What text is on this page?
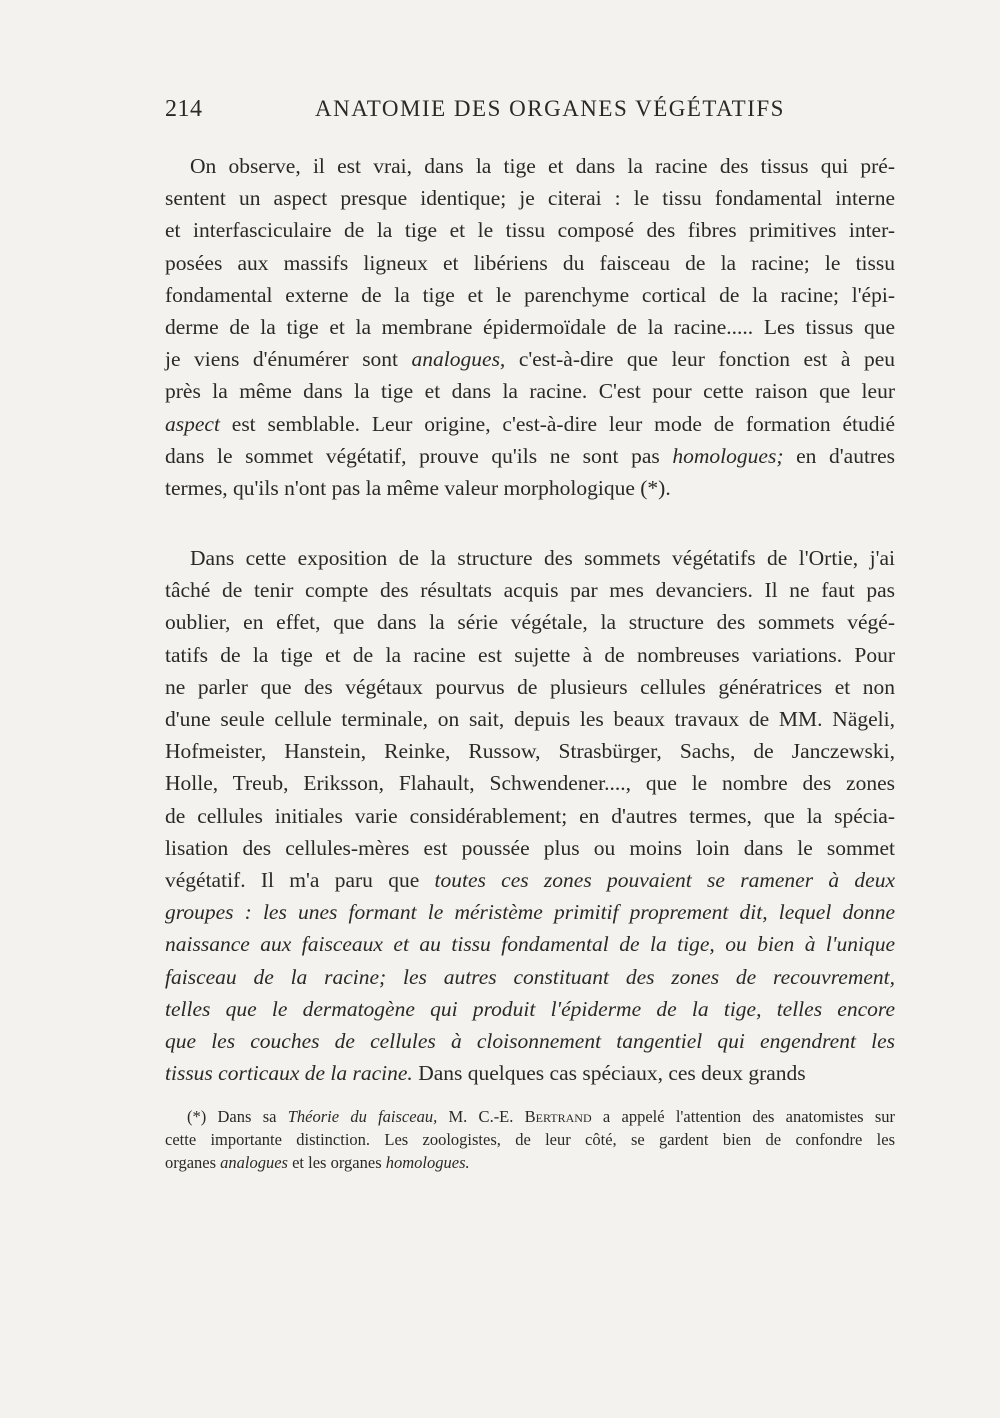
214	ANATOMIE DES ORGANES VÉGÉTATIFS
On observe, il est vrai, dans la tige et dans la racine des tissus qui pré-
sentent un aspect presque identique; je citerai : le tissu fondamental interne
et interfasciculaire de la tige et le tissu composé des fibres primitives inter-
posées aux massifs ligneux et libériens du faisceau de la racine; le tissu
fondamental externe de la tige et le parenchyme cortical de la racine; l'épi-
derme de la tige et la membrane épidermoïdale de la racine..... Les tissus que
je viens d'énumérer sont analogues, c'est-à-dire que leur fonction est à peu
près la même dans la tige et dans la racine. C'est pour cette raison que leur
aspect est semblable. Leur origine, c'est-à-dire leur mode de formation étudié
dans le sommet végétatif, prouve qu'ils ne sont pas homologues; en d'autres
termes, qu'ils n'ont pas la même valeur morphologique (*).
Dans cette exposition de la structure des sommets végétatifs de l'Ortie, j'ai
tâché de tenir compte des résultats acquis par mes devanciers. Il ne faut pas
oublier, en effet, que dans la série végétale, la structure des sommets végé-
tatifs de la tige et de la racine est sujette à de nombreuses variations. Pour
ne parler que des végétaux pourvus de plusieurs cellules génératrices et non
d'une seule cellule terminale, on sait, depuis les beaux travaux de MM. Nägeli,
Hofmeister, Hanstein, Reinke, Russow, Strasbürger, Sachs, de Janczewski,
Holle, Treub, Eriksson, Flahault, Schwendener...., que le nombre des zones
de cellules initiales varie considérablement; en d'autres termes, que la spécia-
lisation des cellules-mères est poussée plus ou moins loin dans le sommet
végétatif. Il m'a paru que toutes ces zones pouvaient se ramener à deux
groupes : les unes formant le méristème primitif proprement dit, lequel donne
naissance aux faisceaux et au tissu fondamental de la tige, ou bien à l'unique
faisceau de la racine; les autres constituant des zones de recouvrement,
telles que le dermatogène qui produit l'épiderme de la tige, telles encore
que les couches de cellules à cloisonnement tangentiel qui engendrent les
tissus corticaux de la racine. Dans quelques cas spéciaux, ces deux grands
(*) Dans sa Théorie du faisceau, M. C.-E. Bertrand a appelé l'attention des anatomistes sur
cette importante distinction. Les zoologistes, de leur côté, se gardent bien de confondre les
organes analogues et les organes homologues.
